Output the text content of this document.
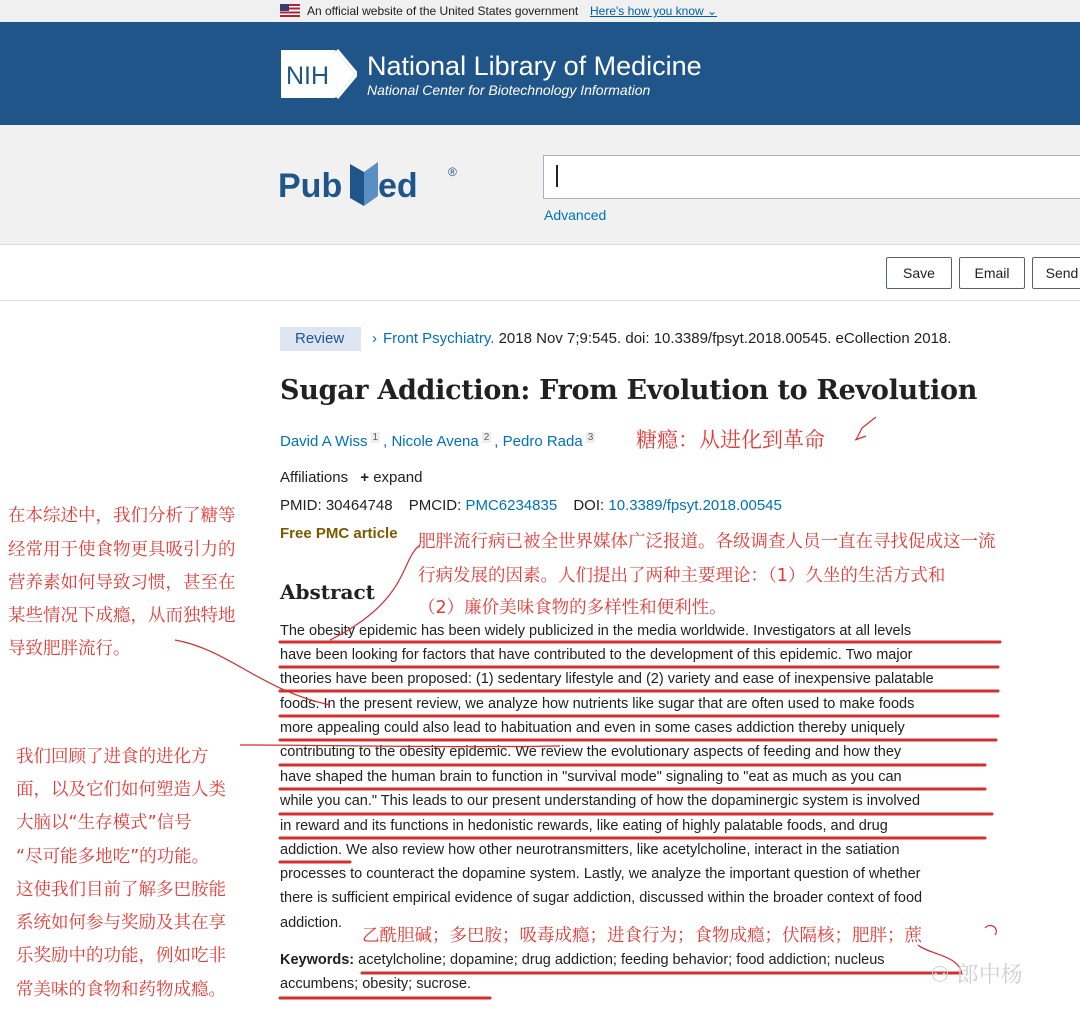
An official website of the United States government Here's how you know ⌄
NIH National Library of Medicine
National Center for Biotechnology Information
Pub ed	®
Advanced
Save	Email	Send
Review	› Front Psychiatry. 2018 Nov 7;9:545. doi: 10.3389/fpsyt.2018.00545. eCollection 2018.
Sugar Addiction: From Evolution to Revolution
David A Wiss $^1$ , Nicole Avena $^2$ , Pedro Rada $^3$
Affiliations + expand
PMID: 30464748 PMCID: PMC6234835 DOI: 10.3389/fpsyt.2018.00545
Free PMC article
Abstract
The obesity epidemic has been widely publicized in the media worldwide. Investigators at all levels
have been looking for factors that have contributed to the development of this epidemic. Two major
theories have been proposed: (1) sedentary lifestyle and (2) variety and ease of inexpensive palatable
foods. In the present review, we analyze how nutrients like sugar that are often used to make foods
more appealing could also lead to habituation and even in some cases addiction thereby uniquely
contributing to the obesity epidemic. We review the evolutionary aspects of feeding and how they
have shaped the human brain to function in "survival mode" signaling to "eat as much as you can
while you can." This leads to our present understanding of how the dopaminergic system is involved
in reward and its functions in hedonistic rewards, like eating of highly palatable foods, and drug
addiction. We also review how other neurotransmitters, like acetylcholine, interact in the satiation
processes to counteract the dopamine system. Lastly, we analyze the important question of whether
there is sufficient empirical evidence of sugar addiction, discussed within the broader context of food
addiction.
Keywords: acetylcholine; dopamine; drug addiction; feeding behavior; food addiction; nucleus
accumbens; obesity; sucrose.
糖瘾：从进化到革命
肥胖流行病已被全世界媒体广泛报道。各级调查人员一直在寻找促成这一流
行病发展的因素。人们提出了两种主要理论：（1）久坐的生活方式和
（2）廉价美味食物的多样性和便利性。
在本综述中，我们分析了糖等
经常用于使食物更具吸引力的
营养素如何导致习惯，甚至在
某些情况下成瘾，从而独特地
导致肥胖流行。
我们回顾了进食的进化方
面，以及它们如何塑造人类
大脑以“生存模式”信号
“尽可能多地吃”的功能。
这使我们目前了解多巴胺能
系统如何参与奖励及其在享
乐奖励中的功能，例如吃非
常美味的食物和药物成瘾。
乙酰胆碱；多巴胺；吸毒成瘾；进食行为；食物成瘾；伏隔核；肥胖；蔗
⚇ 郎中杨
